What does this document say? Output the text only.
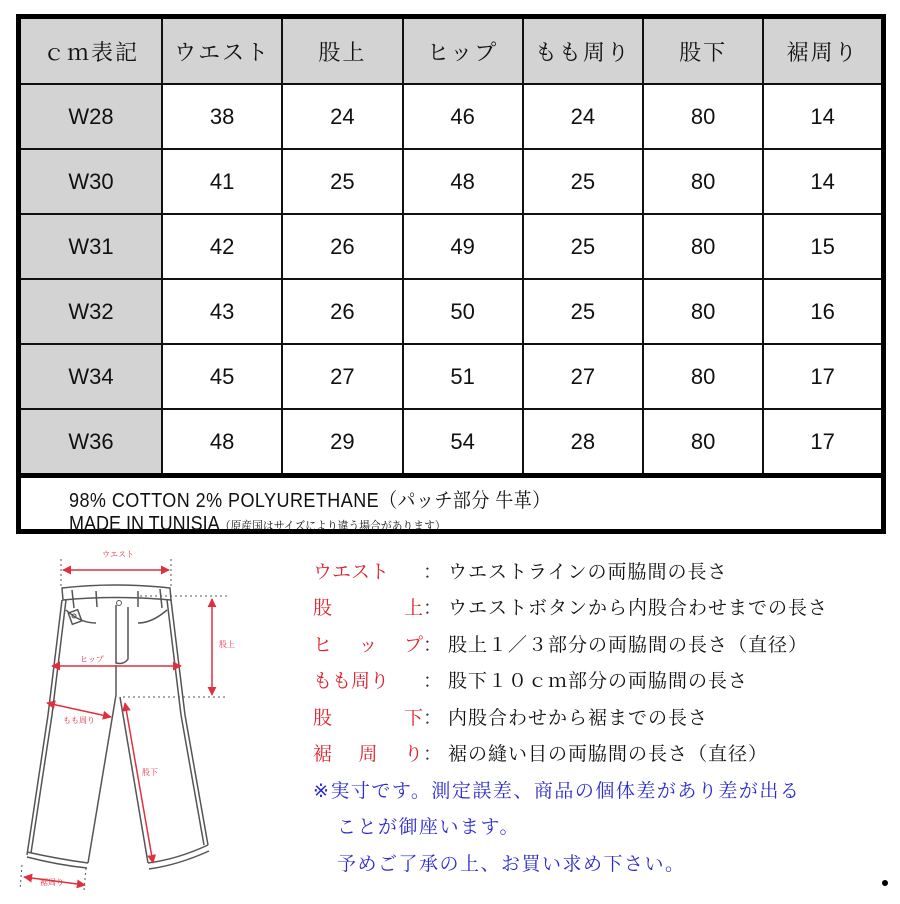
ｃｍ表記	ウエスト	股上	ヒップ	もも周り	股下	裾周り
W28	38	24	46	24	80	14
W30	41	25	48	25	80	14
W31	42	26	49	25	80	15
W32	43	26	50	25	80	16
W34	45	27	51	27	80	17
W36	48	29	54	28	80	17
98% COTTON 2% POLYURETHANE（パッチ部分 牛革）
MADE IN TUNISIA（原産国はサイズにより違う場合があります）
ウエスト
股上
ヒップ
もも周り
股下
裾周り
ウエスト ： ウエストラインの両脇間の長さ
股	上 ： ウエストボタンから内股合わせまでの長さ
ヒ ッ プ ： 股上１／３部分の両脇間の長さ（直径）
もも周り ： 股下１０ｃｍ部分の両脇間の長さ
股	下 ： 内股合わせから裾までの長さ
裾 周 り ： 裾の縫い目の両脇間の長さ（直径）
※実寸です。測定誤差、商品の個体差があり差が出る
ことが御座います。
予めご了承の上、お買い求め下さい。
